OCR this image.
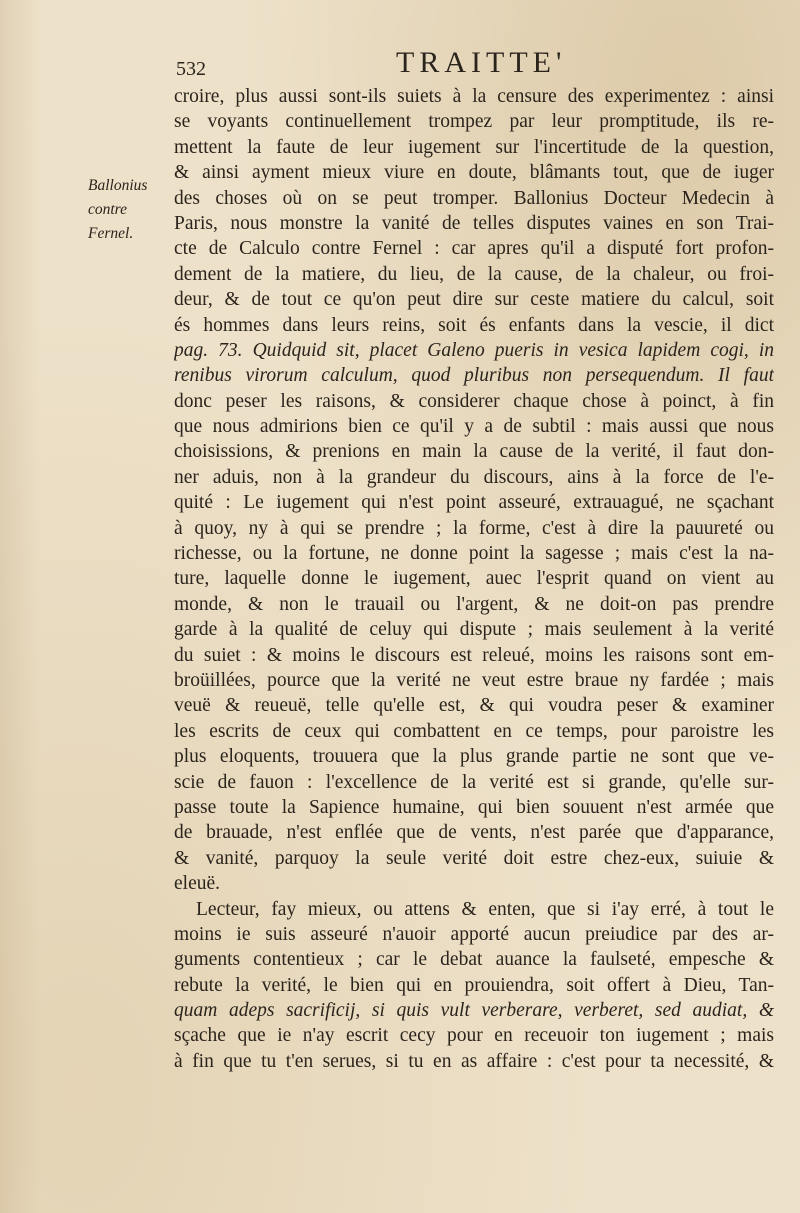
532	TRAITTE'
Ballonius
contre
Fernel.
croire, plus aussi sont-ils suiets à la censure des experimentez : ainsi
se voyants continuellement trompez par leur promptitude, ils re-
mettent la faute de leur iugement sur l'incertitude de la question,
& ainsi ayment mieux viure en doute, blâmants tout, que de iuger
des choses où on se peut tromper. Ballonius Docteur Medecin à
Paris, nous monstre la vanité de telles disputes vaines en son Trai-
cte de Calculo contre Fernel : car apres qu'il a disputé fort profon-
dement de la matiere, du lieu, de la cause, de la chaleur, ou froi-
deur, & de tout ce qu'on peut dire sur ceste matiere du calcul, soit
és hommes dans leurs reins, soit és enfants dans la vescie, il dict
pag. 73. Quidquid sit, placet Galeno pueris in vesica lapidem cogi, in
renibus virorum calculum, quod pluribus non persequendum. Il faut
donc peser les raisons, & considerer chaque chose à poinct, à fin
que nous admirions bien ce qu'il y a de subtil : mais aussi que nous
choisissions, & prenions en main la cause de la verité, il faut don-
ner aduis, non à la grandeur du discours, ains à la force de l'e-
quité : Le iugement qui n'est point asseuré, extrauagué, ne sçachant
à quoy, ny à qui se prendre ; la forme, c'est à dire la pauureté ou
richesse, ou la fortune, ne donne point la sagesse ; mais c'est la na-
ture, laquelle donne le iugement, auec l'esprit quand on vient au
monde, & non le trauail ou l'argent, & ne doit-on pas prendre
garde à la qualité de celuy qui dispute ; mais seulement à la verité
du suiet : & moins le discours est releué, moins les raisons sont em-
broüillées, pource que la verité ne veut estre braue ny fardée ; mais
veuë & reueuë, telle qu'elle est, & qui voudra peser & examiner
les escrits de ceux qui combattent en ce temps, pour paroistre les
plus eloquents, trouuera que la plus grande partie ne sont que ve-
scie de fauon : l'excellence de la verité est si grande, qu'elle sur-
passe toute la Sapience humaine, qui bien souuent n'est armée que
de brauade, n'est enflée que de vents, n'est parée que d'apparance,
& vanité, parquoy la seule verité doit estre chez-eux, suiuie &
eleuë.
Lecteur, fay mieux, ou attens & enten, que si i'ay erré, à tout le
moins ie suis asseuré n'auoir apporté aucun preiudice par des ar-
guments contentieux ; car le debat auance la faulseté, empesche &
rebute la verité, le bien qui en prouiendra, soit offert à Dieu, Tan-
quam adeps sacrificij, si quis vult verberare, verberet, sed audiat, &
sçache que ie n'ay escrit cecy pour en receuoir ton iugement ; mais
à fin que tu t'en serues, si tu en as affaire : c'est pour ta necessité, &
